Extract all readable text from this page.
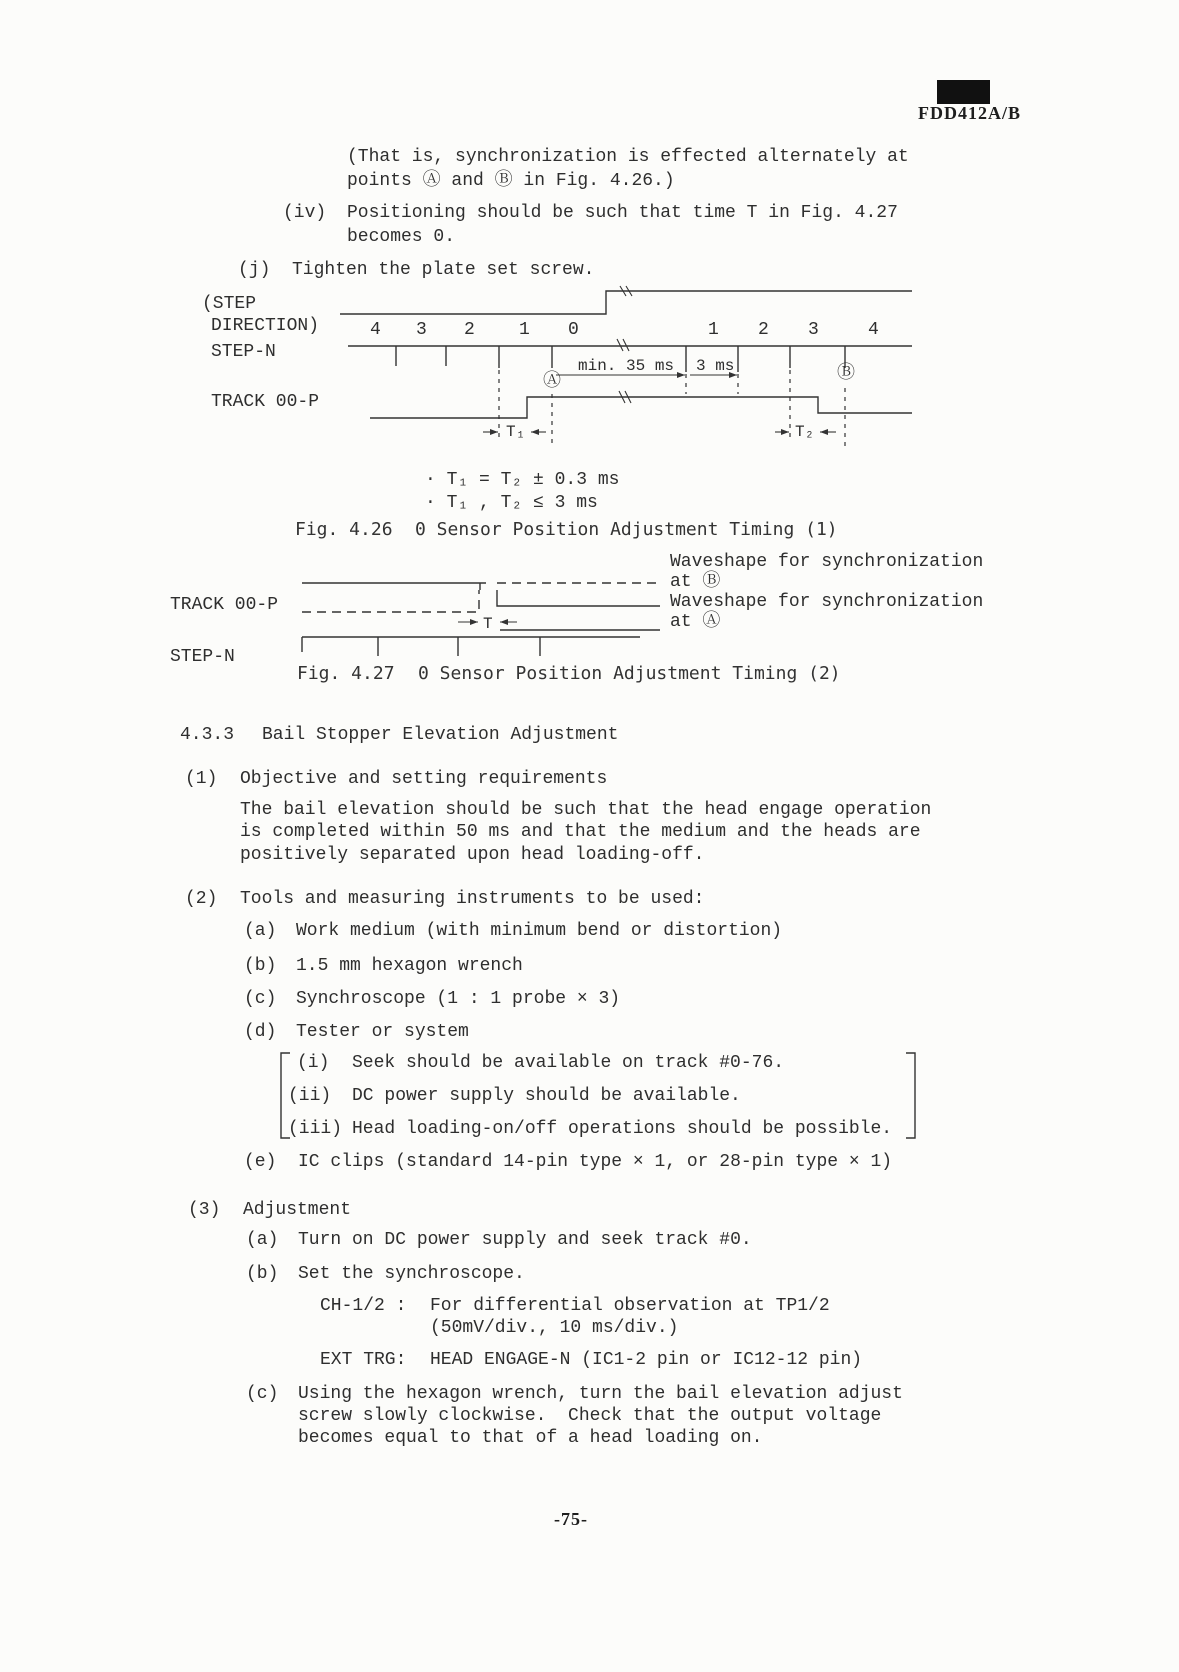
FDD412A/B
(That is, synchronization is effected alternately at
points Ⓐ and Ⓑ in Fig. 4.26.)
(iv) Positioning should be such that time T in Fig. 4.27
becomes 0.
(j) Tighten the plate set screw.
(STEP
DIRECTION)
STEP-N
TRACK 00-P
4 3 2 1 0	1 2 3	4
min. 35 ms 3 ms
Ⓐ	Ⓑ
T₁	T₂
· T₁ = T₂ ± 0.3 ms
· T₁ , T₂ ≤ 3 ms
Fig. 4.26 0 Sensor Position Adjustment Timing (1)
Waveshape for synchronization
at Ⓑ
TRACK 00-P	Waveshape for synchronization
at Ⓐ
T
STEP-N
Fig. 4.27 0 Sensor Position Adjustment Timing (2)
4.3.3 Bail Stopper Elevation Adjustment
(1) Objective and setting requirements
The bail elevation should be such that the head engage operation
is completed within 50 ms and that the medium and the heads are
positively separated upon head loading-off.
(2) Tools and measuring instruments to be used:
(a) Work medium (with minimum bend or distortion)
(b) 1.5 mm hexagon wrench
(c) Synchroscope (1 : 1 probe × 3)
(d) Tester or system
(i) Seek should be available on track #0-76.
(ii) DC power supply should be available.
(iii) Head loading-on/off operations should be possible.
(e) IC clips (standard 14-pin type × 1, or 28-pin type × 1)
(3) Adjustment
(a) Turn on DC power supply and seek track #0.
(b) Set the synchroscope.
CH-1/2 : For differential observation at TP1/2
(50mV/div., 10 ms/div.)
EXT TRG: HEAD ENGAGE-N (IC1-2 pin or IC12-12 pin)
(c) Using the hexagon wrench, turn the bail elevation adjust
screw slowly clockwise.  Check that the output voltage
becomes equal to that of a head loading on.
-75-
